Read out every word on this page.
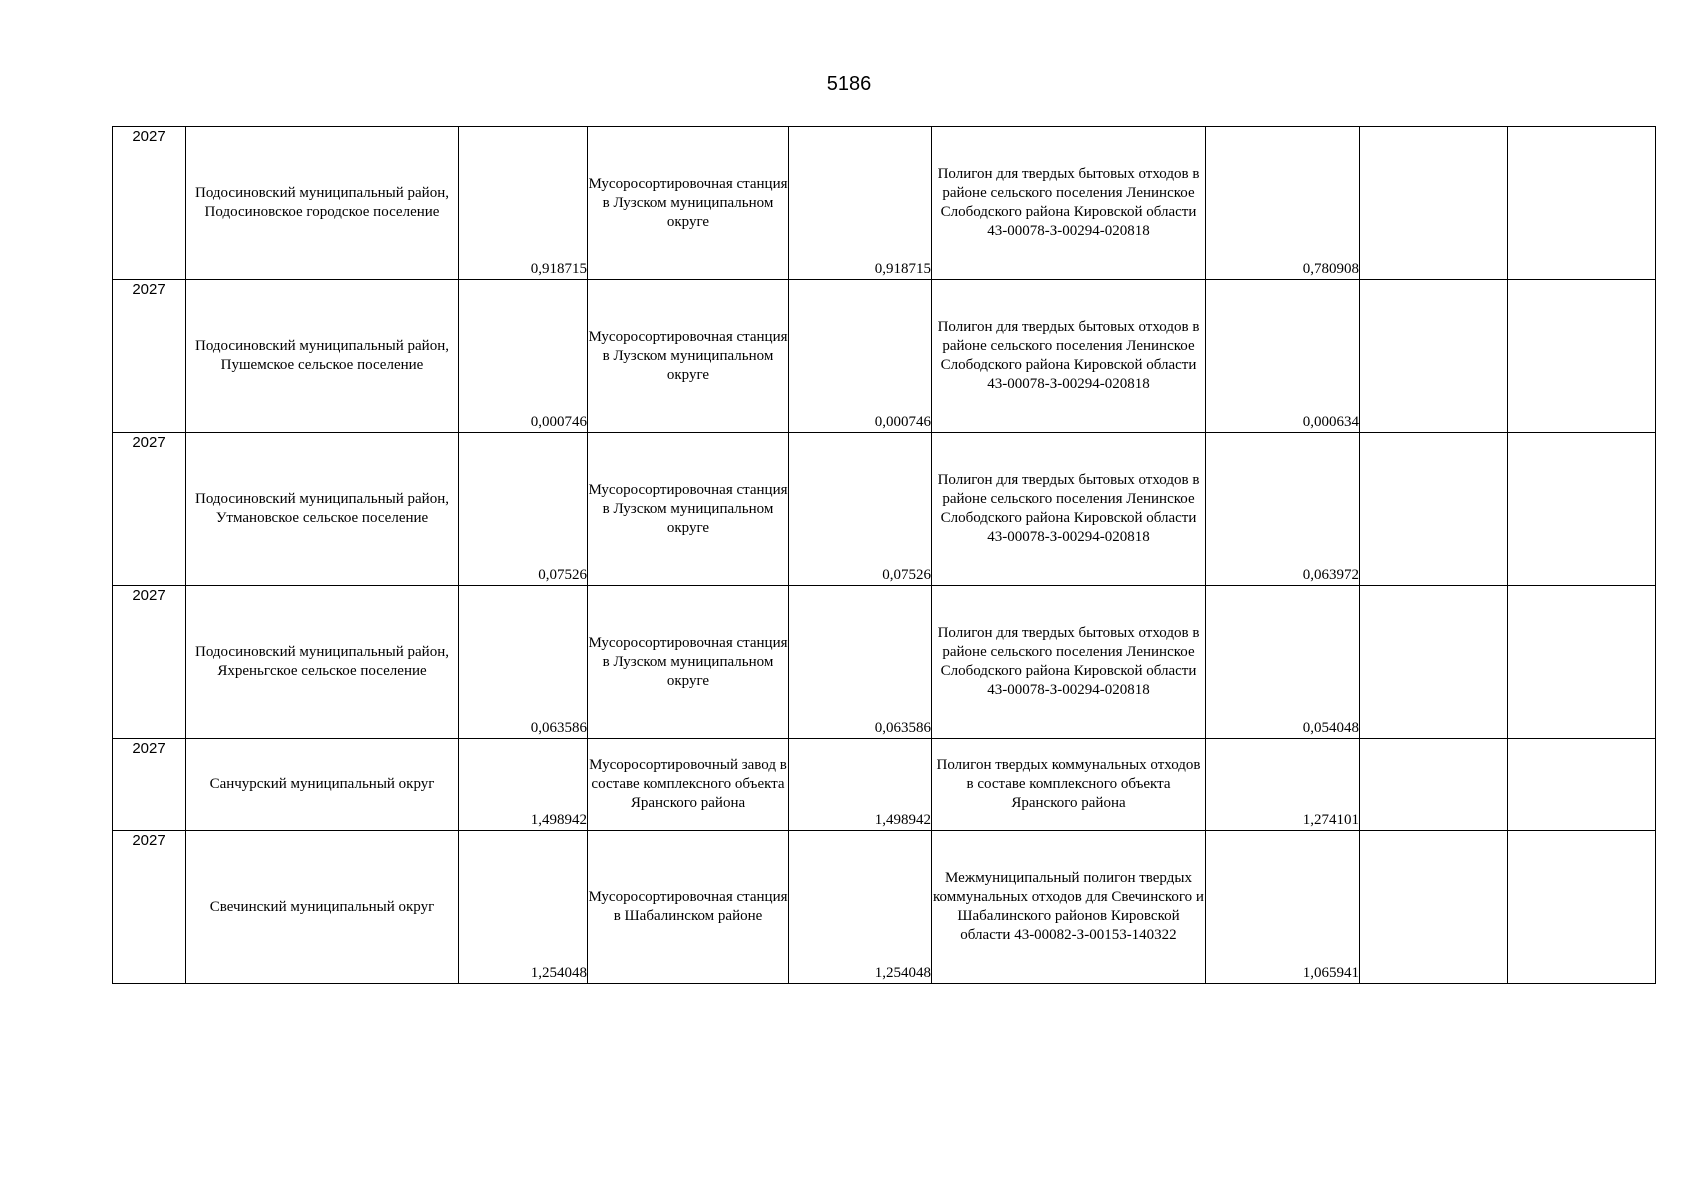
5186
2027	Подосиновский муниципальный район, Подосиновское городское поселение	0,918715	Мусоросортировочная станция в Лузском муниципальном округе	0,918715	Полигон для твердых бытовых отходов в районе сельского поселения Ленинское Слободского района Кировской области 43-00078-З-00294-020818	0,780908		
2027	Подосиновский муниципальный район, Пушемское сельское поселение	0,000746	Мусоросортировочная станция в Лузском муниципальном округе	0,000746	Полигон для твердых бытовых отходов в районе сельского поселения Ленинское Слободского района Кировской области 43-00078-З-00294-020818	0,000634		
2027	Подосиновский муниципальный район, Утмановское сельское поселение	0,07526	Мусоросортировочная станция в Лузском муниципальном округе	0,07526	Полигон для твердых бытовых отходов в районе сельского поселения Ленинское Слободского района Кировской области 43-00078-З-00294-020818	0,063972		
2027	Подосиновский муниципальный район, Яхреньгское сельское поселение	0,063586	Мусоросортировочная станция в Лузском муниципальном округе	0,063586	Полигон для твердых бытовых отходов в районе сельского поселения Ленинское Слободского района Кировской области 43-00078-З-00294-020818	0,054048		
2027	Санчурский муниципальный округ	1,498942	Мусоросортировочный завод в составе комплексного объекта Яранского района	1,498942	Полигон твердых коммунальных отходов в составе комплексного объекта Яранского района	1,274101		
2027	Свечинский муниципальный округ	1,254048	Мусоросортировочная станция в Шабалинском районе	1,254048	Межмуниципальный полигон твердых коммунальных отходов для Свечинского и Шабалинского районов Кировской области 43-00082-З-00153-140322	1,065941		
